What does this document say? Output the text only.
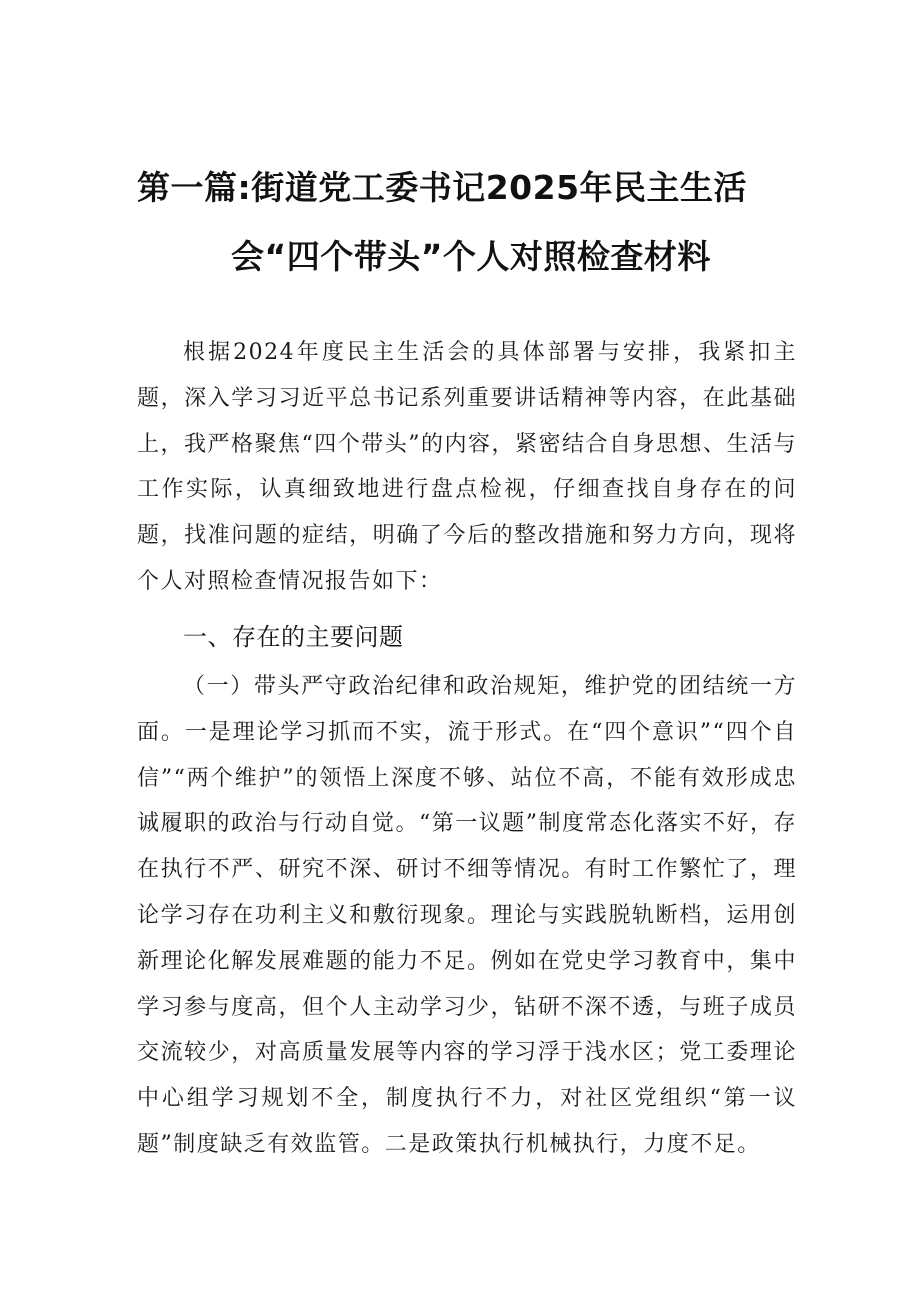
第一篇:街道党工委书记2025年民主生活
会“四个带头”个人对照检查材料

根据2024年度民主生活会的具体部署与安排，我紧扣主题，深入学习习近平总书记系列重要讲话精神等内容，在此基础上，我严格聚焦“四个带头”的内容，紧密结合自身思想、生活与工作实际，认真细致地进行盘点检视，仔细查找自身存在的问题，找准问题的症结，明确了今后的整改措施和努力方向，现将个人对照检查情况报告如下：

一、存在的主要问题

（一）带头严守政治纪律和政治规矩，维护党的团结统一方面。一是理论学习抓而不实，流于形式。在“四个意识”“四个自信”“两个维护”的领悟上深度不够、站位不高，不能有效形成忠诚履职的政治与行动自觉。“第一议题”制度常态化落实不好，存在执行不严、研究不深、研讨不细等情况。有时工作繁忙了，理论学习存在功利主义和敷衍现象。理论与实践脱轨断档，运用创新理论化解发展难题的能力不足。例如在党史学习教育中，集中学习参与度高，但个人主动学习少，钻研不深不透，与班子成员交流较少，对高质量发展等内容的学习浮于浅水区；党工委理论中心组学习规划不全，制度执行不力，对社区党组织“第一议题”制度缺乏有效监管。二是政策执行机械执行，力度不足。
